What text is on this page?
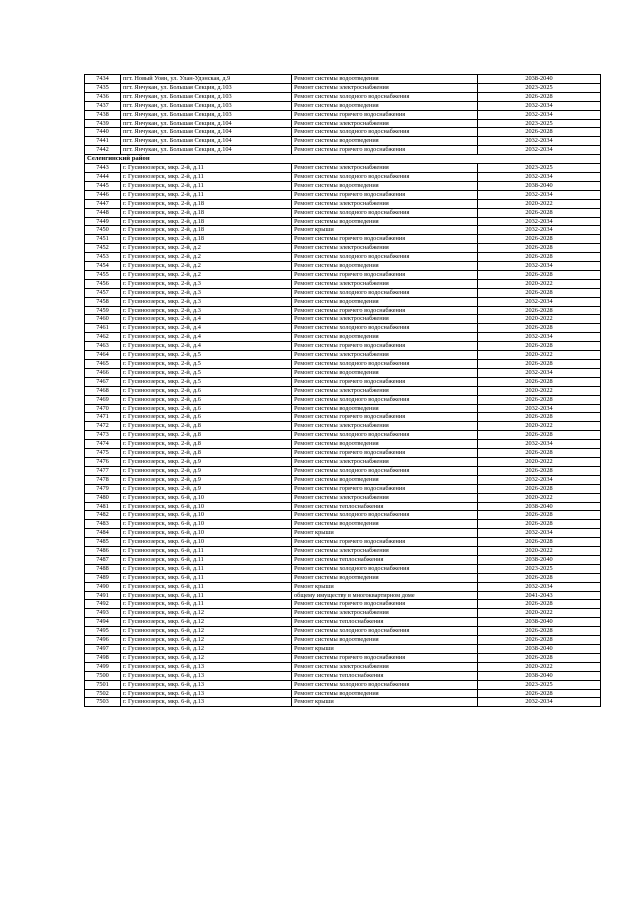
7434	пгт. Новый Уоян, ул. Улан-Удэнская, д.9	Ремонт системы водоотведения	2038-2040
7435	пгт. Янчукан, ул. Большая Секция, д.103	Ремонт системы электроснабжения	2023-2025
7436	пгт. Янчукан, ул. Большая Секция, д.103	Ремонт системы холодного водоснабжения	2026-2028
7437	пгт. Янчукан, ул. Большая Секция, д.103	Ремонт системы водоотведения	2032-2034
7438	пгт. Янчукан, ул. Большая Секция, д.103	Ремонт системы горячего водоснабжения	2032-2034
7439	пгт. Янчукан, ул. Большая Секция, д.104	Ремонт системы электроснабжения	2023-2025
7440	пгт. Янчукан, ул. Большая Секция, д.104	Ремонт системы холодного водоснабжения	2026-2028
7441	пгт. Янчукан, ул. Большая Секция, д.104	Ремонт системы водоотведения	2032-2034
7442	пгт. Янчукан, ул. Большая Секция, д.104	Ремонт системы горячего водоснабжения	2032-2034
Селенгинский район			
7443	г. Гусиноозерск, мкр. 2-й, д.11	Ремонт системы электроснабжения	2023-2025
7444	г. Гусиноозерск, мкр. 2-й, д.11	Ремонт системы холодного водоснабжения	2032-2034
7445	г. Гусиноозерск, мкр. 2-й, д.11	Ремонт системы водоотведения	2038-2040
7446	г. Гусиноозерск, мкр. 2-й, д.11	Ремонт системы горячего водоснабжения	2032-2034
7447	г. Гусиноозерск, мкр. 2-й, д.18	Ремонт системы электроснабжения	2020-2022
7448	г. Гусиноозерск, мкр. 2-й, д.18	Ремонт системы холодного водоснабжения	2026-2028
7449	г. Гусиноозерск, мкр. 2-й, д.18	Ремонт системы водоотведения	2032-2034
7450	г. Гусиноозерск, мкр. 2-й, д.18	Ремонт крыши	2032-2034
7451	г. Гусиноозерск, мкр. 2-й, д.18	Ремонт системы горячего водоснабжения	2026-2028
7452	г. Гусиноозерск, мкр. 2-й, д.2	Ремонт системы электроснабжения	2026-2028
7453	г. Гусиноозерск, мкр. 2-й, д.2	Ремонт системы холодного водоснабжения	2026-2028
7454	г. Гусиноозерск, мкр. 2-й, д.2	Ремонт системы водоотведения	2032-2034
7455	г. Гусиноозерск, мкр. 2-й, д.2	Ремонт системы горячего водоснабжения	2026-2028
7456	г. Гусиноозерск, мкр. 2-й, д.3	Ремонт системы электроснабжения	2020-2022
7457	г. Гусиноозерск, мкр. 2-й, д.3	Ремонт системы холодного водоснабжения	2026-2028
7458	г. Гусиноозерск, мкр. 2-й, д.3	Ремонт системы водоотведения	2032-2034
7459	г. Гусиноозерск, мкр. 2-й, д.3	Ремонт системы горячего водоснабжения	2026-2028
7460	г. Гусиноозерск, мкр. 2-й, д.4	Ремонт системы электроснабжения	2020-2022
7461	г. Гусиноозерск, мкр. 2-й, д.4	Ремонт системы холодного водоснабжения	2026-2028
7462	г. Гусиноозерск, мкр. 2-й, д.4	Ремонт системы водоотведения	2032-2034
7463	г. Гусиноозерск, мкр. 2-й, д.4	Ремонт системы горячего водоснабжения	2026-2028
7464	г. Гусиноозерск, мкр. 2-й, д.5	Ремонт системы электроснабжения	2020-2022
7465	г. Гусиноозерск, мкр. 2-й, д.5	Ремонт системы холодного водоснабжения	2026-2028
7466	г. Гусиноозерск, мкр. 2-й, д.5	Ремонт системы водоотведения	2032-2034
7467	г. Гусиноозерск, мкр. 2-й, д.5	Ремонт системы горячего водоснабжения	2026-2028
7468	г. Гусиноозерск, мкр. 2-й, д.6	Ремонт системы электроснабжения	2020-2022
7469	г. Гусиноозерск, мкр. 2-й, д.6	Ремонт системы холодного водоснабжения	2026-2028
7470	г. Гусиноозерск, мкр. 2-й, д.6	Ремонт системы водоотведения	2032-2034
7471	г. Гусиноозерск, мкр. 2-й, д.6	Ремонт системы горячего водоснабжения	2026-2028
7472	г. Гусиноозерск, мкр. 2-й, д.8	Ремонт системы электроснабжения	2020-2022
7473	г. Гусиноозерск, мкр. 2-й, д.8	Ремонт системы холодного водоснабжения	2026-2028
7474	г. Гусиноозерск, мкр. 2-й, д.8	Ремонт системы водоотведения	2032-2034
7475	г. Гусиноозерск, мкр. 2-й, д.8	Ремонт системы горячего водоснабжения	2026-2028
7476	г. Гусиноозерск, мкр. 2-й, д.9	Ремонт системы электроснабжения	2020-2022
7477	г. Гусиноозерск, мкр. 2-й, д.9	Ремонт системы холодного водоснабжения	2026-2028
7478	г. Гусиноозерск, мкр. 2-й, д.9	Ремонт системы водоотведения	2032-2034
7479	г. Гусиноозерск, мкр. 2-й, д.9	Ремонт системы горячего водоснабжения	2026-2028
7480	г. Гусиноозерск, мкр. 6-й, д.10	Ремонт системы электроснабжения	2020-2022
7481	г. Гусиноозерск, мкр. 6-й, д.10	Ремонт системы теплоснабжения	2038-2040
7482	г. Гусиноозерск, мкр. 6-й, д.10	Ремонт системы холодного водоснабжения	2026-2028
7483	г. Гусиноозерск, мкр. 6-й, д.10	Ремонт системы водоотведения	2026-2028
7484	г. Гусиноозерск, мкр. 6-й, д.10	Ремонт крыши	2032-2034
7485	г. Гусиноозерск, мкр. 6-й, д.10	Ремонт системы горячего водоснабжения	2026-2028
7486	г. Гусиноозерск, мкр. 6-й, д.11	Ремонт системы электроснабжения	2020-2022
7487	г. Гусиноозерск, мкр. 6-й, д.11	Ремонт системы теплоснабжения	2038-2040
7488	г. Гусиноозерск, мкр. 6-й, д.11	Ремонт системы холодного водоснабжения	2023-2025
7489	г. Гусиноозерск, мкр. 6-й, д.11	Ремонт системы водоотведения	2026-2028
7490	г. Гусиноозерск, мкр. 6-й, д.11	Ремонт крыши	2032-2034
7491	г. Гусиноозерск, мкр. 6-й, д.11	общему имуществу в многоквартирном доме	2041-2043
7492	г. Гусиноозерск, мкр. 6-й, д.11	Ремонт системы горячего водоснабжения	2026-2028
7493	г. Гусиноозерск, мкр. 6-й, д.12	Ремонт системы электроснабжения	2020-2022
7494	г. Гусиноозерск, мкр. 6-й, д.12	Ремонт системы теплоснабжения	2038-2040
7495	г. Гусиноозерск, мкр. 6-й, д.12	Ремонт системы холодного водоснабжения	2026-2028
7496	г. Гусиноозерск, мкр. 6-й, д.12	Ремонт системы водоотведения	2026-2028
7497	г. Гусиноозерск, мкр. 6-й, д.12	Ремонт крыши	2038-2040
7498	г. Гусиноозерск, мкр. 6-й, д.12	Ремонт системы горячего водоснабжения	2026-2028
7499	г. Гусиноозерск, мкр. 6-й, д.13	Ремонт системы электроснабжения	2020-2022
7500	г. Гусиноозерск, мкр. 6-й, д.13	Ремонт системы теплоснабжения	2038-2040
7501	г. Гусиноозерск, мкр. 6-й, д.13	Ремонт системы холодного водоснабжения	2023-2025
7502	г. Гусиноозерск, мкр. 6-й, д.13	Ремонт системы водоотведения	2026-2028
7503	г. Гусиноозерск, мкр. 6-й, д.13	Ремонт крыши	2032-2034
